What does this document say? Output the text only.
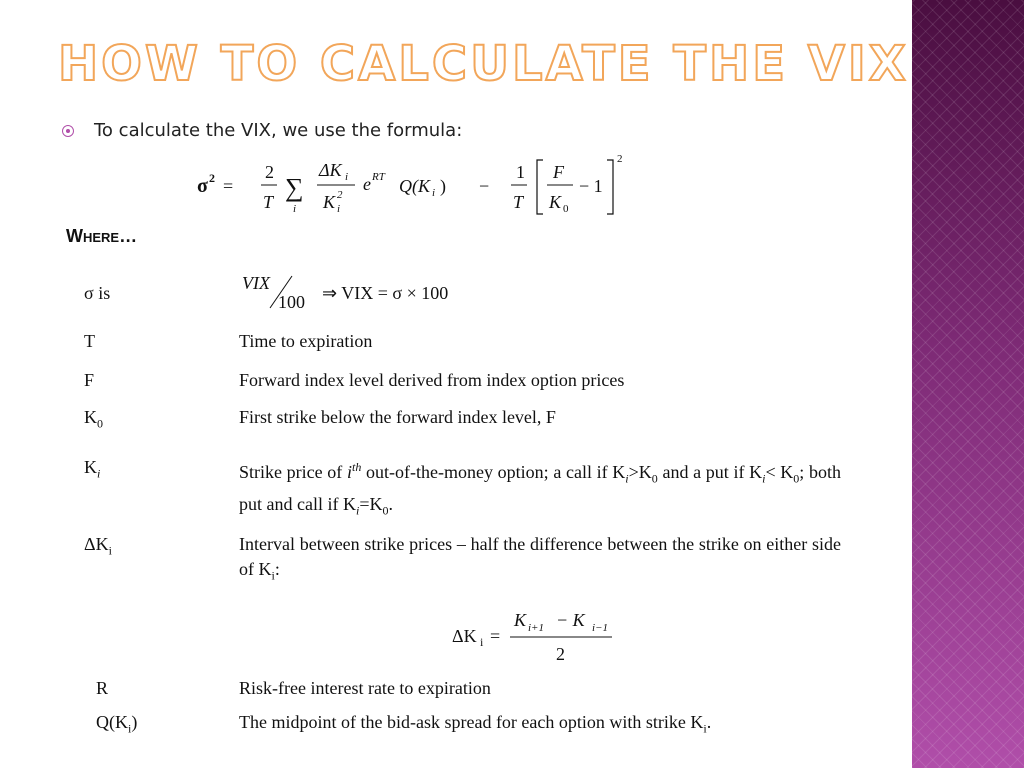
HOW TO CALCULATE THE VIX
To calculate the VIX, we use the formula:
σ 2 =
2
T ∑
i
ΔK i
K 2
i
e RT Q(K i ) −
1
T
F
K 0
− 1
2
Where…
σ is	VIX
100 ⇒ VIX = σ × 100
T	Time to expiration
F	Forward index level derived from index option prices
$K_0$	First strike below the forward index level, F
$K_i$	Strike price of $i^{th}$ out-of-the-money option; a call if $K_i>K_0$ and a put if $K_i< K_0$; both put and call if $K_i=K_0$.
$\Delta K_i$	Interval between strike prices – half the difference between the strike on either side of $K_i$:
ΔK i =
K i+1 − K i−1
2
R	Risk-free interest rate to expiration
$Q(K_i)$	The midpoint of the bid-ask spread for each option with strike $K_i$.
